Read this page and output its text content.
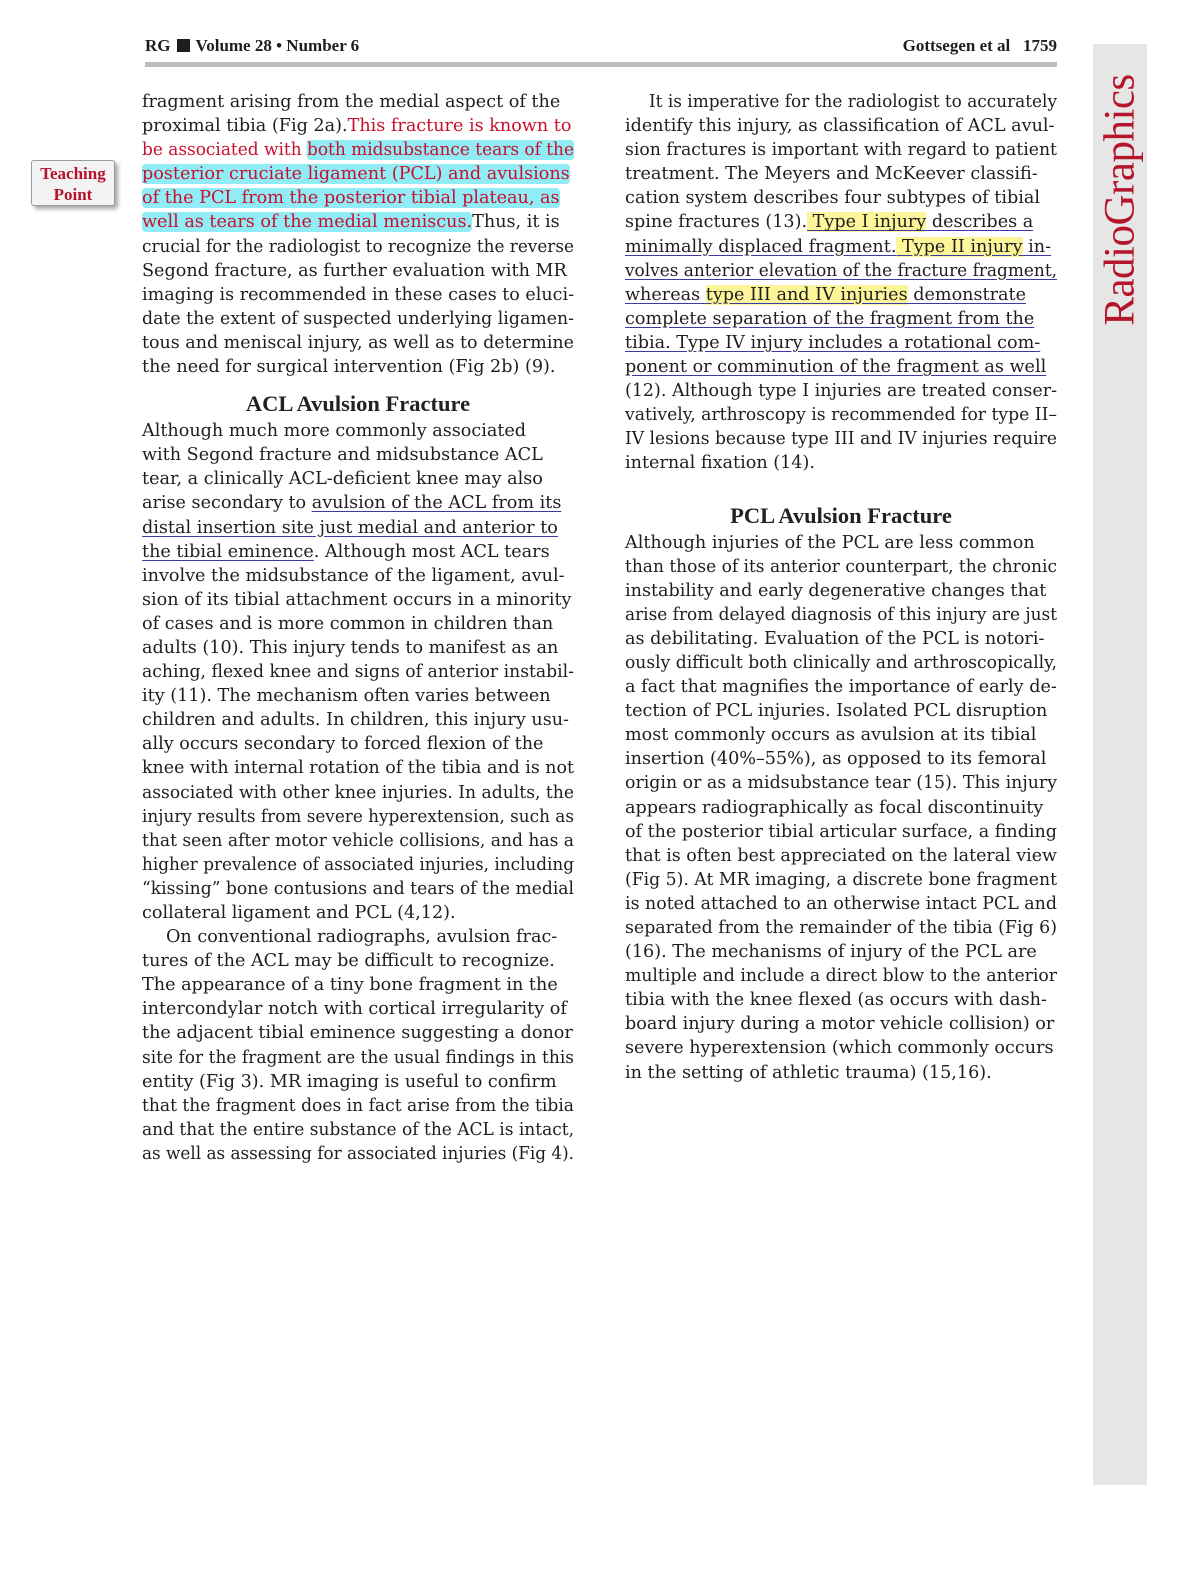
RG Volume 28 • Number 6	Gottsegen et al 1759
RadioGraphics
Teaching
Point
fragment arising from the medial aspect of the
proximal tibia (Fig 2a).This fracture is known to
be associated with both midsubstance tears of the
posterior cruciate ligament (PCL) and avulsions
of the PCL from the posterior tibial plateau, as
well as tears of the medial meniscus.Thus, it is
crucial for the radiologist to recognize the reverse
Segond fracture, as further evaluation with MR
imaging is recommended in these cases to eluci-
date the extent of suspected underlying ligamen-
tous and meniscal injury, as well as to determine
the need for surgical intervention (Fig 2b) (9).
ACL Avulsion Fracture
Although much more commonly associated
with Segond fracture and midsubstance ACL
tear, a clinically ACL-deficient knee may also
arise secondary to avulsion of the ACL from its
distal insertion site just medial and anterior to
the tibial eminence. Although most ACL tears
involve the midsubstance of the ligament, avul-
sion of its tibial attachment occurs in a minority
of cases and is more common in children than
adults (10). This injury tends to manifest as an
aching, flexed knee and signs of anterior instabil-
ity (11). The mechanism often varies between
children and adults. In children, this injury usu-
ally occurs secondary to forced flexion of the
knee with internal rotation of the tibia and is not
associated with other knee injuries. In adults, the
injury results from severe hyperextension, such as
that seen after motor vehicle collisions, and has a
higher prevalence of associated injuries, including
“kissing” bone contusions and tears of the medial
collateral ligament and PCL (4,12).
On conventional radiographs, avulsion frac-
tures of the ACL may be difficult to recognize.
The appearance of a tiny bone fragment in the
intercondylar notch with cortical irregularity of
the adjacent tibial eminence suggesting a donor
site for the fragment are the usual findings in this
entity (Fig 3). MR imaging is useful to confirm
that the fragment does in fact arise from the tibia
and that the entire substance of the ACL is intact,
as well as assessing for associated injuries (Fig 4).
It is imperative for the radiologist to accurately
identify this injury, as classification of ACL avul-
sion fractures is important with regard to patient
treatment. The Meyers and McKeever classifi-
cation system describes four subtypes of tibial
spine fractures (13). Type I injury describes a
minimally displaced fragment. Type II injury in-
volves anterior elevation of the fracture fragment,
whereas type III and IV injuries demonstrate
complete separation of the fragment from the
tibia. Type IV injury includes a rotational com-
ponent or comminution of the fragment as well
(12). Although type I injuries are treated conser-
vatively, arthroscopy is recommended for type II–
IV lesions because type III and IV injuries require
internal fixation (14).
PCL Avulsion Fracture
Although injuries of the PCL are less common
than those of its anterior counterpart, the chronic
instability and early degenerative changes that
arise from delayed diagnosis of this injury are just
as debilitating. Evaluation of the PCL is notori-
ously difficult both clinically and arthroscopically,
a fact that magnifies the importance of early de-
tection of PCL injuries. Isolated PCL disruption
most commonly occurs as avulsion at its tibial
insertion (40%–55%), as opposed to its femoral
origin or as a midsubstance tear (15). This injury
appears radiographically as focal discontinuity
of the posterior tibial articular surface, a finding
that is often best appreciated on the lateral view
(Fig 5). At MR imaging, a discrete bone fragment
is noted attached to an otherwise intact PCL and
separated from the remainder of the tibia (Fig 6)
(16). The mechanisms of injury of the PCL are
multiple and include a direct blow to the anterior
tibia with the knee flexed (as occurs with dash-
board injury during a motor vehicle collision) or
severe hyperextension (which commonly occurs
in the setting of athletic trauma) (15,16).
